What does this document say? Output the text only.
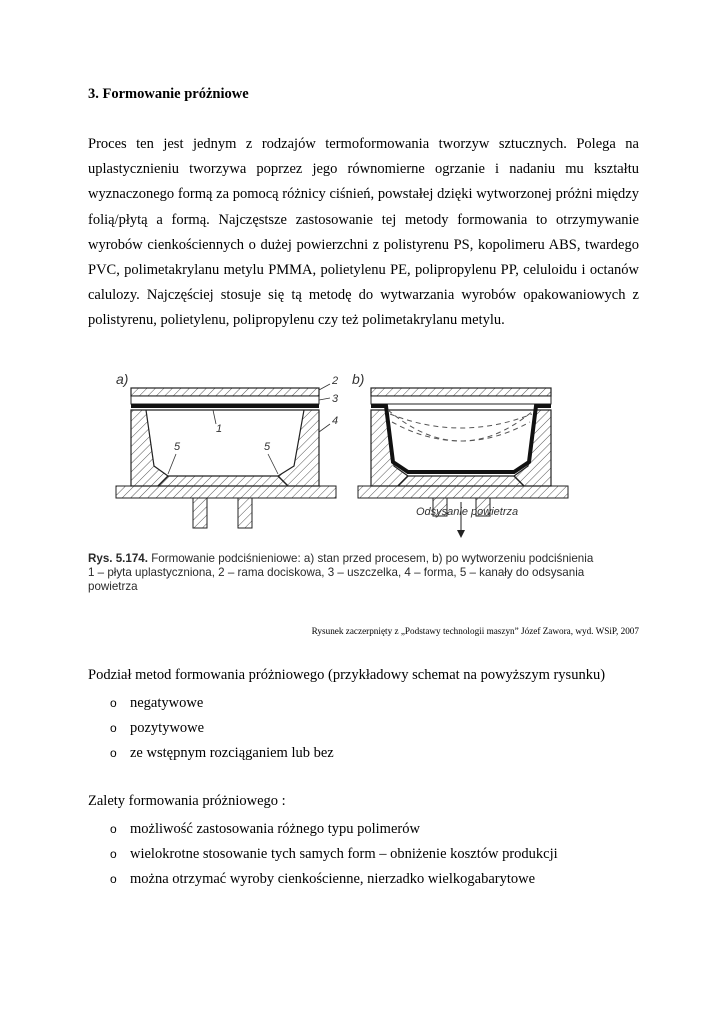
3. Formowanie próżniowe
Proces ten jest jednym z rodzajów termoformowania tworzyw sztucznych. Polega na uplastycznieniu tworzywa poprzez jego równomierne ogrzanie i nadaniu mu kształtu wyznaczonego formą za pomocą różnicy ciśnień, powstałej dzięki wytworzonej próżni między folią/płytą a formą. Najczęstsze zastosowanie tej metody formowania to otrzymywanie wyrobów cienkościennych o dużej powierzchni z polistyrenu PS, kopolimeru ABS, twardego PVC, polimetakrylanu metylu PMMA, polietylenu PE, polipropylenu PP, celuloidu i octanów calulozy. Najczęściej stosuje się tą metodę do wytwarzania wyrobów opakowaniowych z polistyrenu, polietylenu, polipropylenu czy też polimetakrylanu metylu.
a)
1
2
3
4
5	5
b)
Odsysanie powietrza
Rys. 5.174. Formowanie podciśnieniowe: a) stan przed procesem, b) po wytworzeniu podciśnienia
1 – płyta uplastyczniona, 2 – rama dociskowa, 3 – uszczelka, 4 – forma, 5 – kanały do odsysania powietrza
Rysunek zaczerpnięty z „Podstawy technologii maszyn” Józef Zawora, wyd. WSiP, 2007
Podział metod formowania próżniowego (przykładowy schemat na powyższym rysunku)
o negatywowe
o pozytywowe
o ze wstępnym rozciąganiem lub bez
Zalety formowania próżniowego :
o możliwość zastosowania różnego typu polimerów
o wielokrotne stosowanie tych samych form – obniżenie kosztów produkcji
o można otrzymać wyroby cienkościenne, nierzadko wielkogabarytowe
